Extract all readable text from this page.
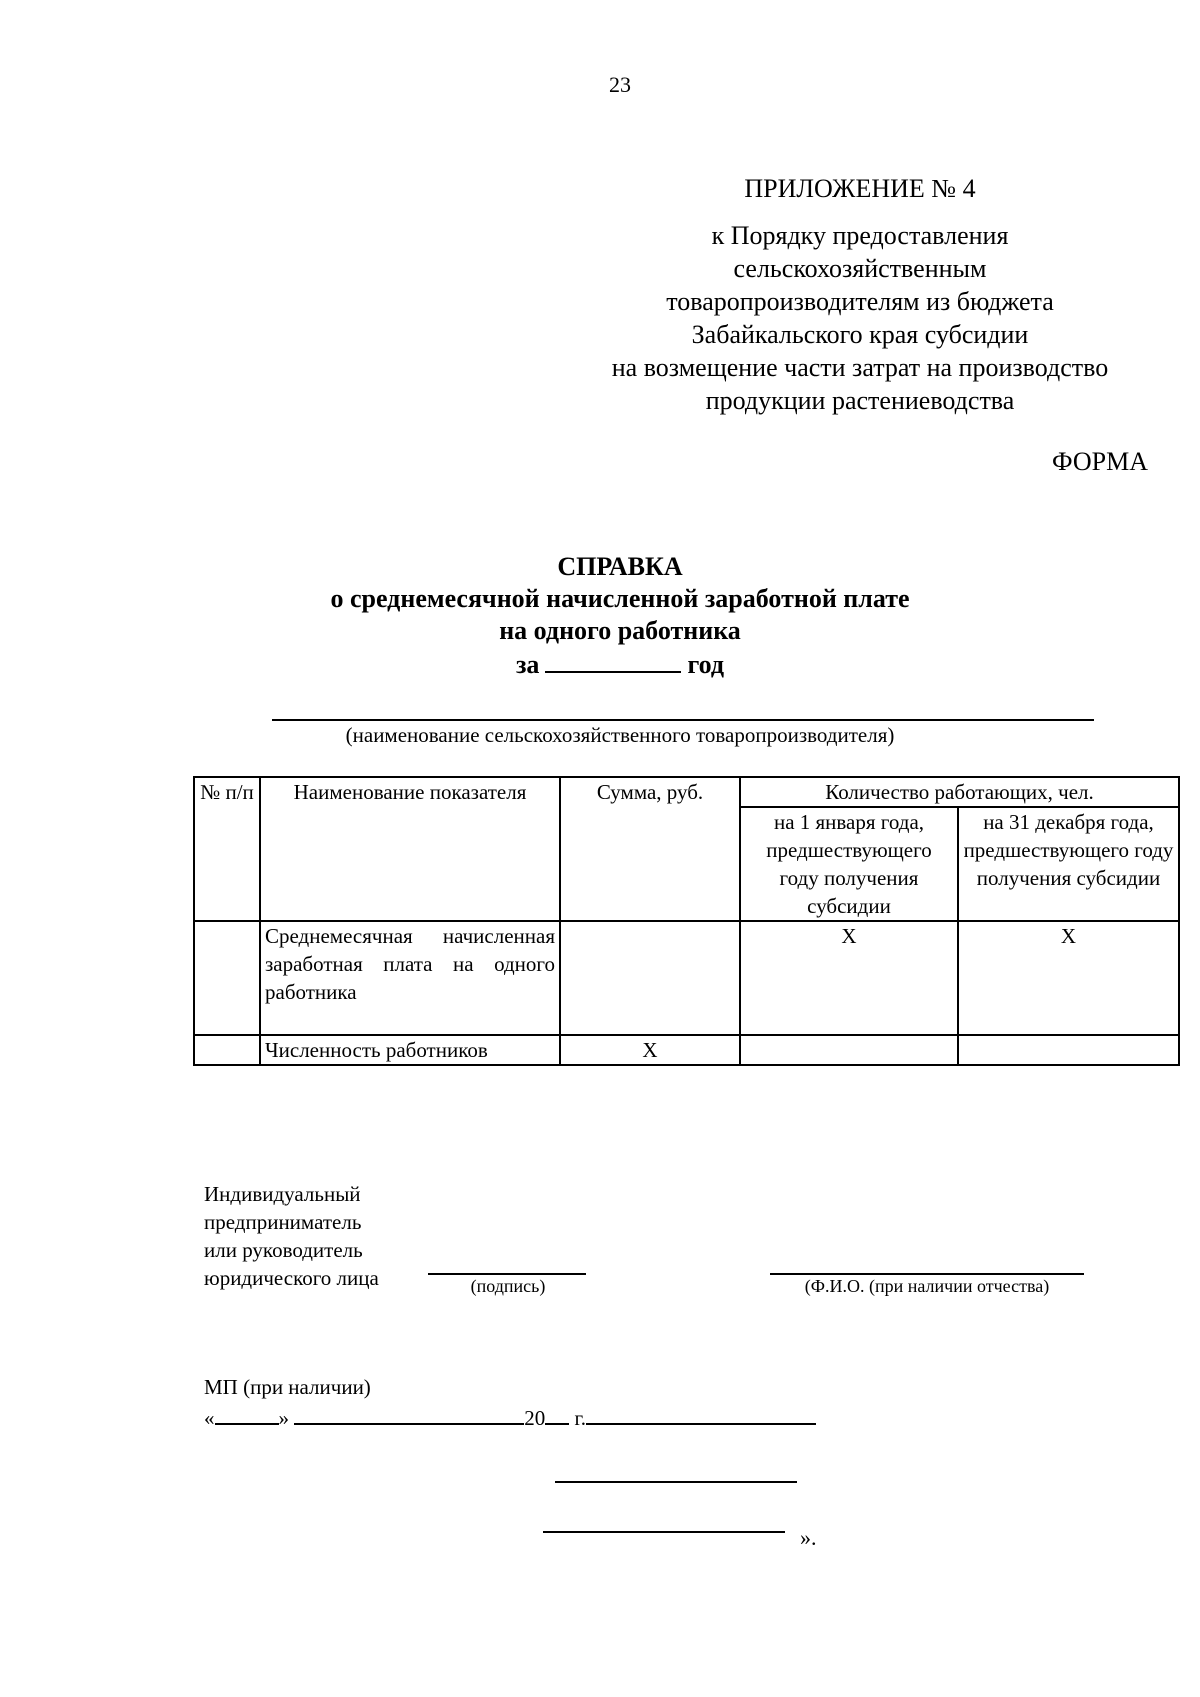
23
ПРИЛОЖЕНИЕ № 4
к Порядку предоставления
сельскохозяйственным
товаропроизводителям из бюджета
Забайкальского края субсидии
на возмещение части затрат на производство
продукции растениеводства
ФОРМА
СПРАВКА
о среднемесячной начисленной заработной плате
на одного работника
за	год
(наименование сельскохозяйственного товаропроизводителя)
№ п/п	Наименование показателя	Сумма, руб.	Количество работающих, чел.	
			на 1 января года, предшествующего году получения субсидии	на 31 декабря года, предшествующего году получения субсидии

	Среднемесячная начисленная заработная плата на одного работника		Х	Х
	Численность работников	Х		
Индивидуальный
предприниматель
или руководитель
юридического лица	(подпись)	(Ф.И.О. (при наличии отчества)
МП (при наличии)
«	»	20 г.
».
